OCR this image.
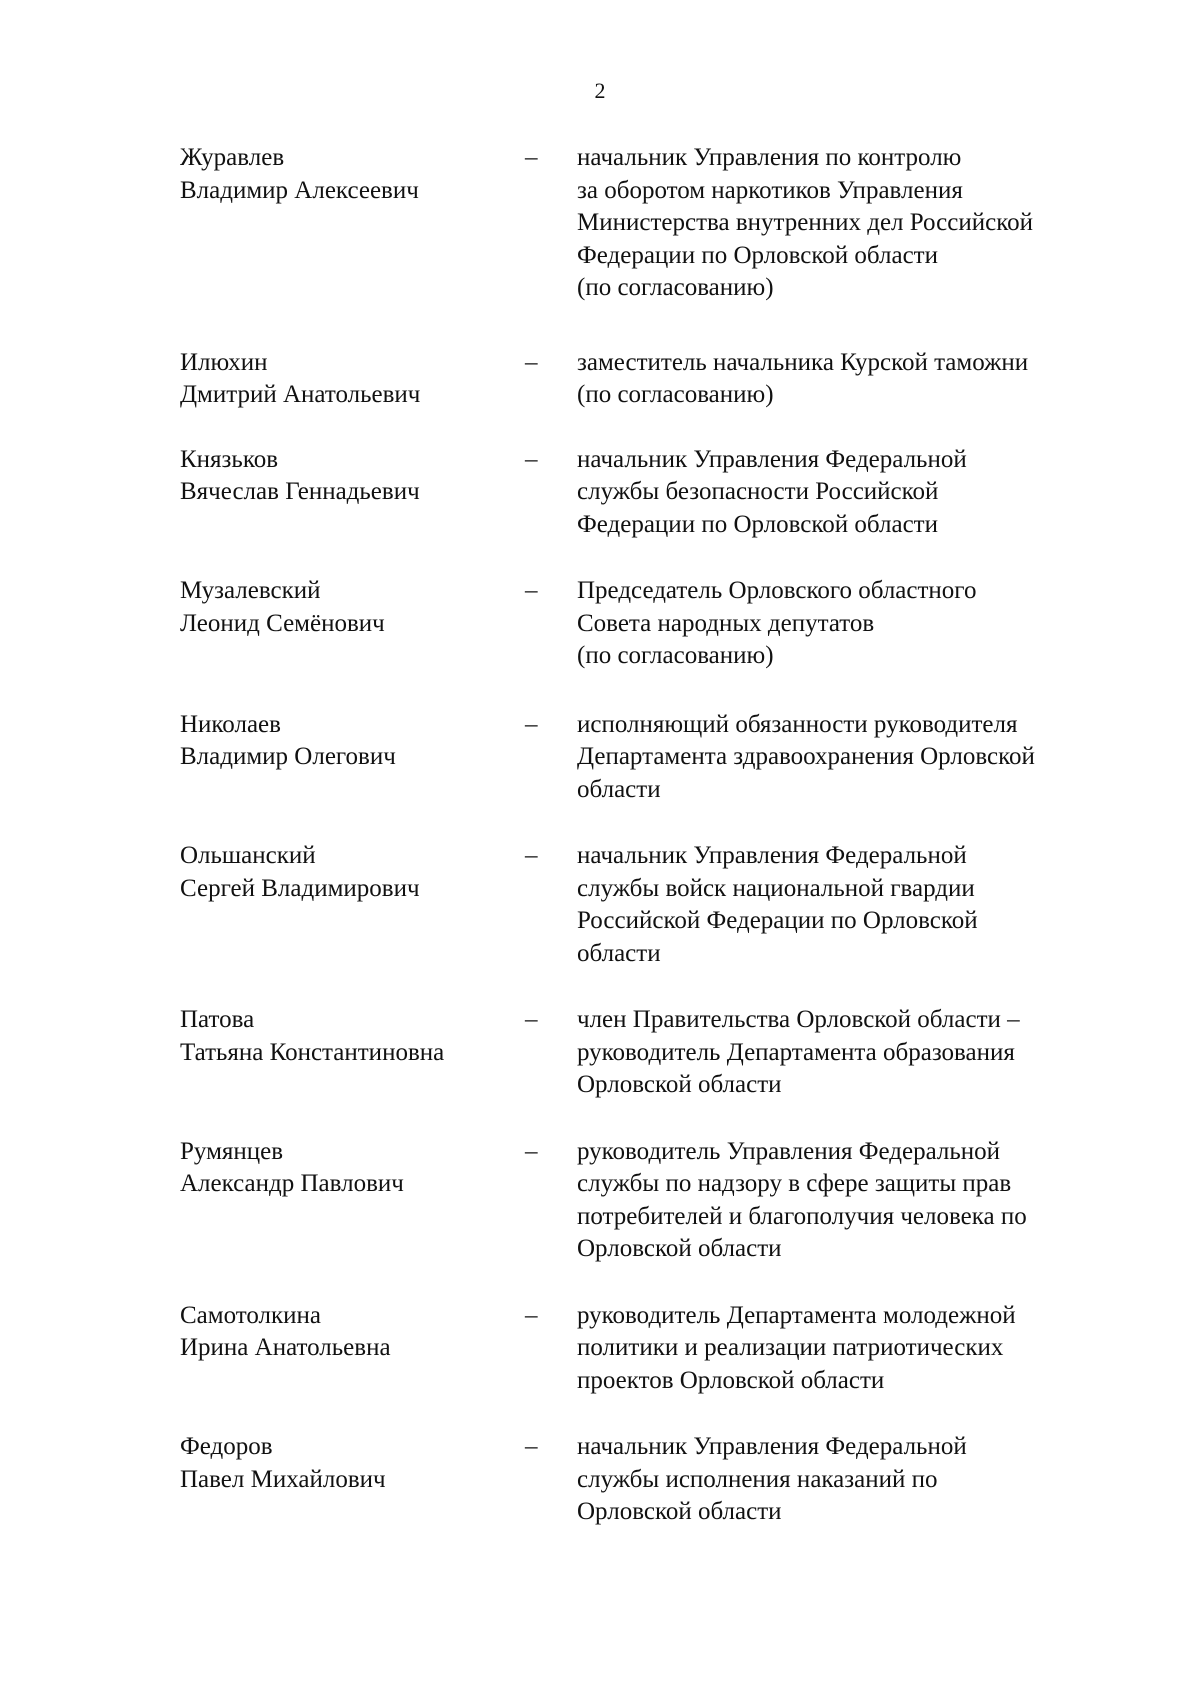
2
Журавлев
Владимир Алексеевич
–	начальник Управления по контролю
за оборотом наркотиков Управления
Министерства внутренних дел Российской
Федерации по Орловской области
(по согласованию)
Илюхин
Дмитрий Анатольевич
–	заместитель начальника Курской таможни
(по согласованию)
Князьков
Вячеслав Геннадьевич
–	начальник Управления Федеральной
службы безопасности Российской
Федерации по Орловской области
Музалевский
Леонид Семёнович
–	Председатель Орловского областного
Совета народных депутатов
(по согласованию)
Николаев
Владимир Олегович
–	исполняющий обязанности руководителя
Департамента здравоохранения Орловской
области
Ольшанский
Сергей Владимирович
–	начальник Управления Федеральной
службы войск национальной гвардии
Российской Федерации по Орловской
области
Патова
Татьяна Константиновна
–	член Правительства Орловской области –
руководитель Департамента образования
Орловской области
Румянцев
Александр Павлович
–	руководитель Управления Федеральной
службы по надзору в сфере защиты прав
потребителей и благополучия человека по
Орловской области
Самотолкина
Ирина Анатольевна
–	руководитель Департамента молодежной
политики и реализации патриотических
проектов Орловской области
Федоров
Павел Михайлович
–	начальник Управления Федеральной
службы исполнения наказаний по
Орловской области
